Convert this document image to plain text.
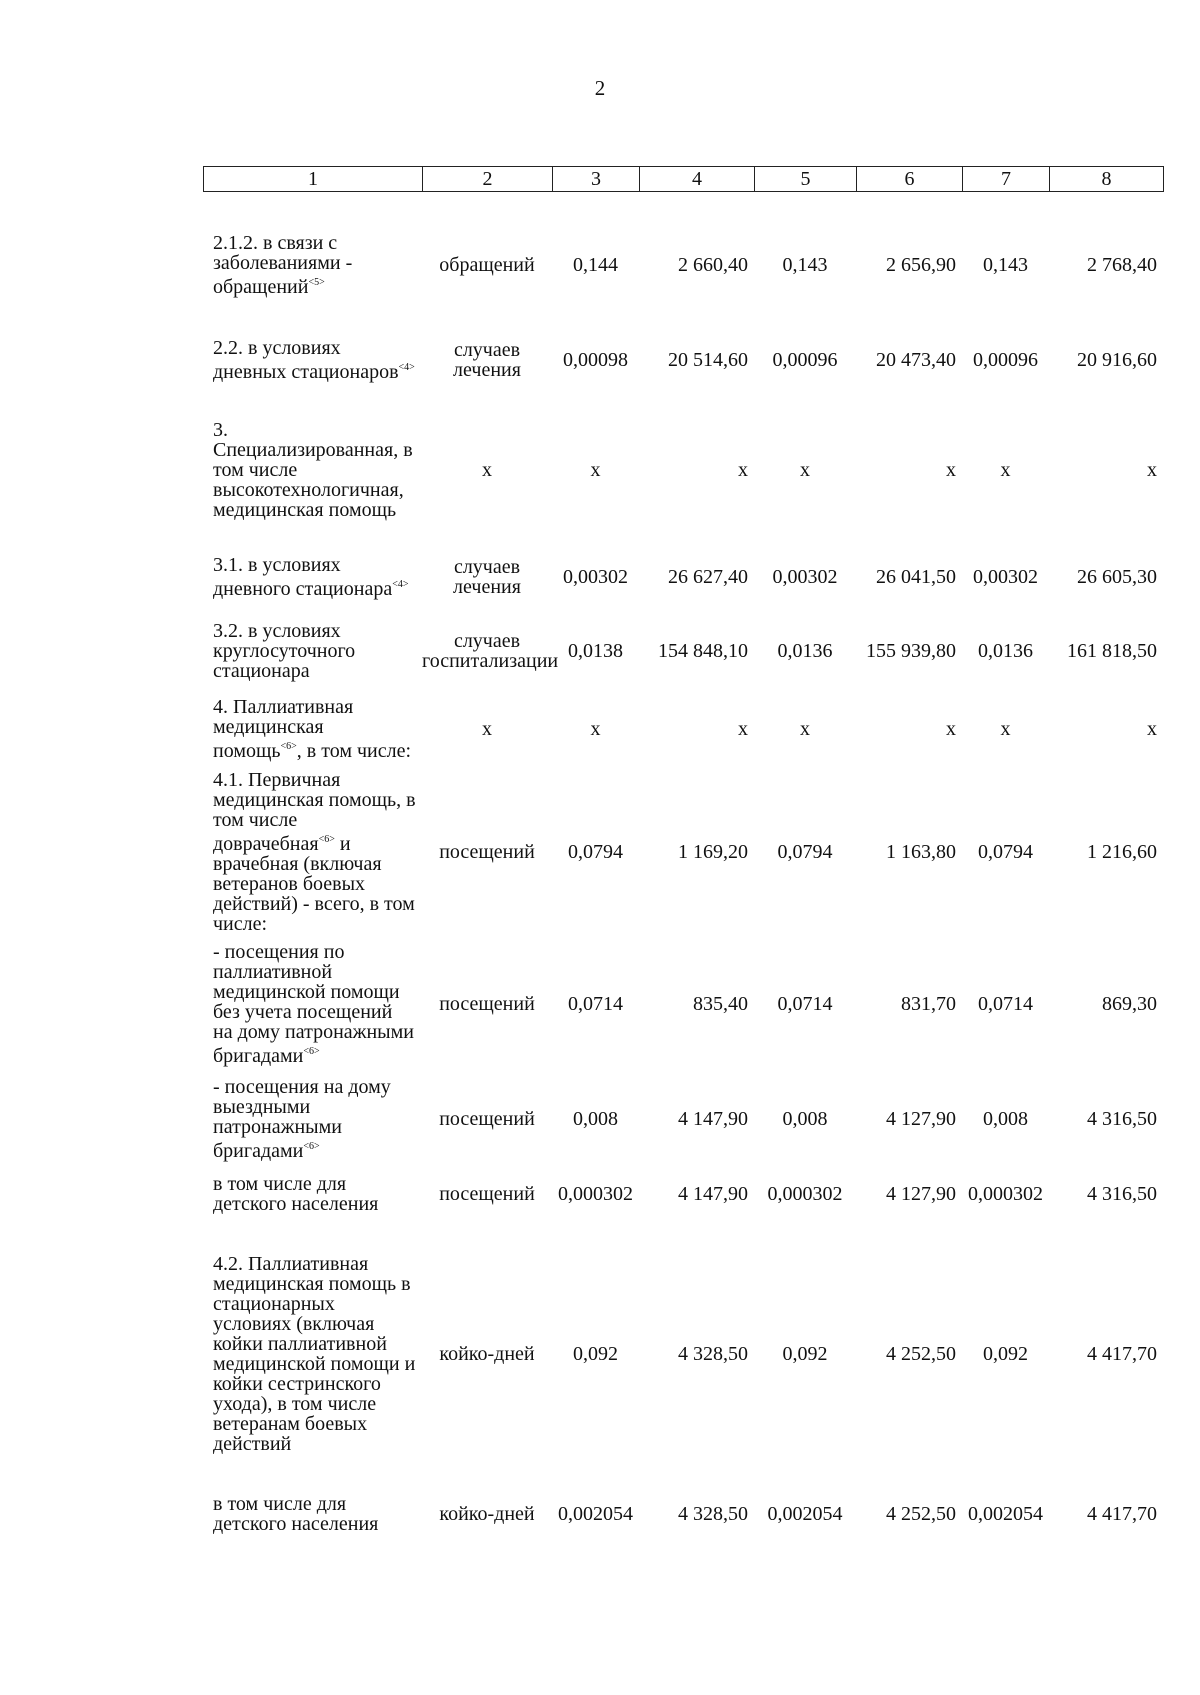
2
1	2	3	4	5	6	7	8
2.1.2. в связи с заболеваниями - обращений$^{<5>}$	обращений	0,144	2 660,40	0,143	2 656,90	0,143	2 768,40
2.2. в условиях дневных стационаров$^{<4>}$	случаев лечения	0,00098	20 514,60	0,00096	20 473,40	0,00096	20 916,60
3. Специализированная, в том числе высокотехнологичная, медицинская помощь	x	x	x	x	x	x	x
3.1. в условиях дневного стационара$^{<4>}$	случаев лечения	0,00302	26 627,40	0,00302	26 041,50	0,00302	26 605,30
3.2. в условиях круглосуточного стационара	случаев госпитализации	0,0138	154 848,10	0,0136	155 939,80	0,0136	161 818,50
4. Паллиативная медицинская помощь$^{<6>}$, в том числе:	x	x	x	x	x	x	x
4.1. Первичная медицинская помощь, в том числе доврачебная$^{<6>}$ и врачебная (включая ветеранов боевых действий) - всего, в том числе:	посещений	0,0794	1 169,20	0,0794	1 163,80	0,0794	1 216,60
- посещения по паллиативной медицинской помощи без учета посещений на дому патронажными бригадами$^{<6>}$	посещений	0,0714	835,40	0,0714	831,70	0,0714	869,30
- посещения на дому выездными патронажными бригадами$^{<6>}$	посещений	0,008	4 147,90	0,008	4 127,90	0,008	4 316,50
в том числе для детского населения	посещений	0,000302	4 147,90	0,000302	4 127,90	0,000302	4 316,50
4.2. Паллиативная медицинская помощь в стационарных условиях (включая койки паллиативной медицинской помощи и койки сестринского ухода), в том числе ветеранам боевых действий	койко-дней	0,092	4 328,50	0,092	4 252,50	0,092	4 417,70
в том числе для детского населения	койко-дней	0,002054	4 328,50	0,002054	4 252,50	0,002054	4 417,70
